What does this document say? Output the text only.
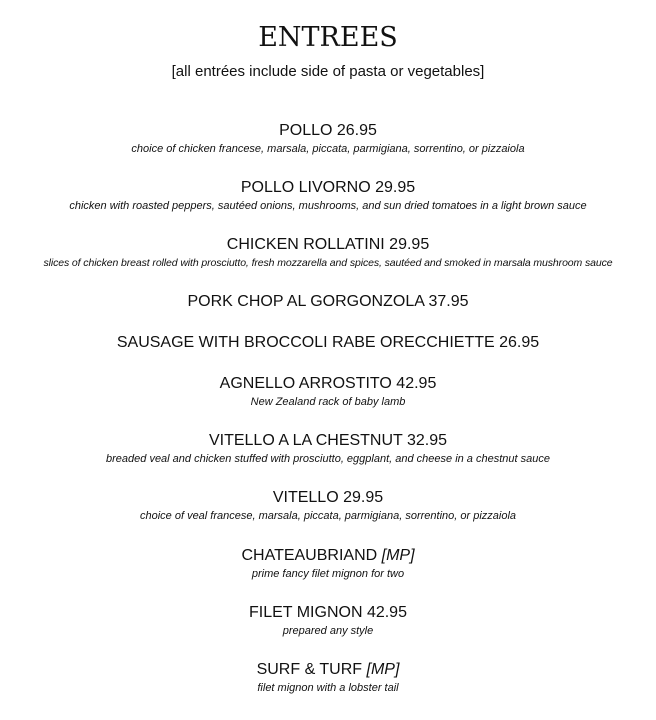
ENTREES
[all entrées include side of pasta or vegetables]
POLLO 26.95
choice of chicken francese, marsala, piccata, parmigiana, sorrentino, or pizzaiola
POLLO LIVORNO 29.95
chicken with roasted peppers, sautéed onions, mushrooms, and sun dried tomatoes in a light brown sauce
CHICKEN ROLLATINI 29.95
slices of chicken breast rolled with prosciutto, fresh mozzarella and spices, sautéed and smoked in marsala mushroom sauce
PORK CHOP AL GORGONZOLA 37.95
SAUSAGE WITH BROCCOLI RABE ORECCHIETTE 26.95
AGNELLO ARROSTITO 42.95
New Zealand rack of baby lamb
VITELLO A LA CHESTNUT 32.95
breaded veal and chicken stuffed with prosciutto, eggplant, and cheese in a chestnut sauce
VITELLO 29.95
choice of veal francese, marsala, piccata, parmigiana, sorrentino, or pizzaiola
CHATEAUBRIAND [MP]
prime fancy filet mignon for two
FILET MIGNON 42.95
prepared any style
SURF & TURF [MP]
filet mignon with a lobster tail
